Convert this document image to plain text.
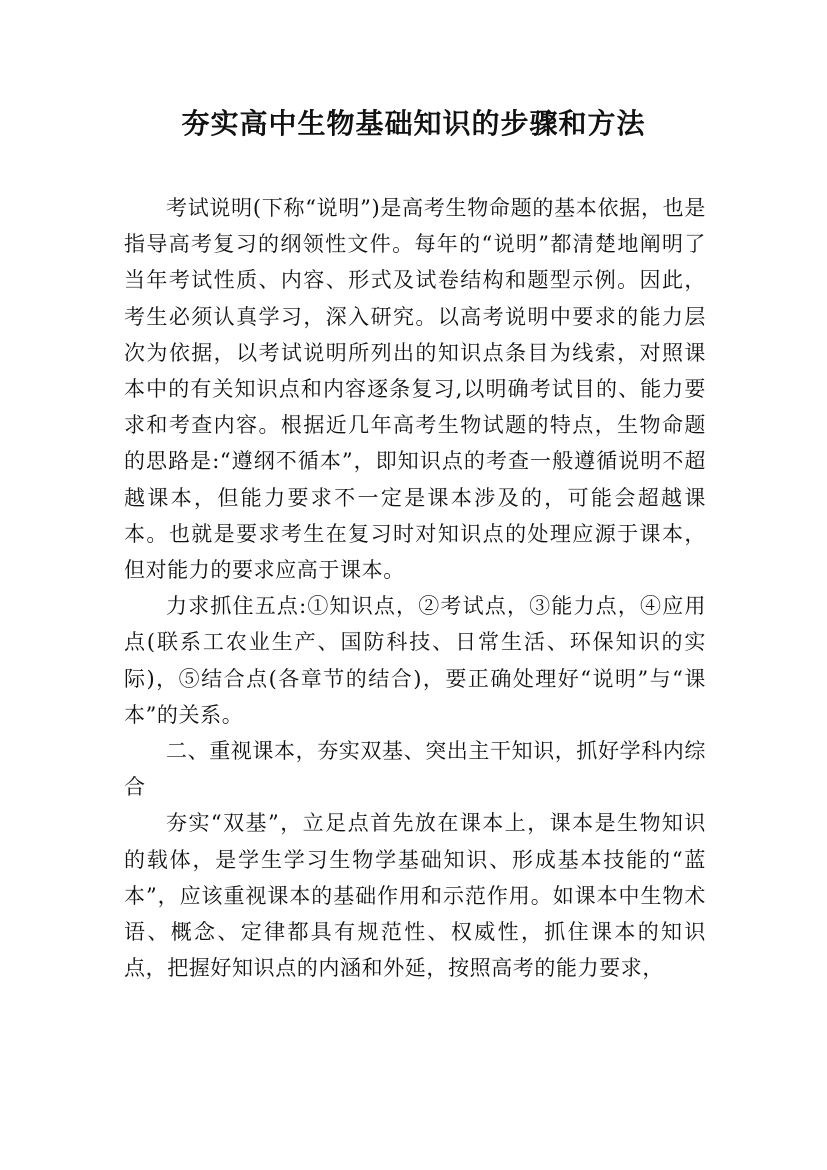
夯实高中生物基础知识的步骤和方法

考试说明(下称“说明”)是高考生物命题的基本依据，也是指导高考复习的纲领性文件。每年的“说明”都清楚地阐明了当年考试性质、内容、形式及试卷结构和题型示例。因此，考生必须认真学习，深入研究。以高考说明中要求的能力层次为依据，以考试说明所列出的知识点条目为线索，对照课本中的有关知识点和内容逐条复习,以明确考试目的、能力要求和考查内容。根据近几年高考生物试题的特点，生物命题的思路是:“遵纲不循本”，即知识点的考查一般遵循说明不超越课本，但能力要求不一定是课本涉及的，可能会超越课本。也就是要求考生在复习时对知识点的处理应源于课本，但对能力的要求应高于课本。

力求抓住五点:①知识点，②考试点，③能力点，④应用点(联系工农业生产、国防科技、日常生活、环保知识的实际)，⑤结合点(各章节的结合)，要正确处理好“说明”与“课本”的关系。

二、重视课本，夯实双基、突出主干知识，抓好学科内综合

夯实“双基”，立足点首先放在课本上，课本是生物知识的载体，是学生学习生物学基础知识、形成基本技能的“蓝本”，应该重视课本的基础作用和示范作用。如课本中生物术语、概念、定律都具有规范性、权威性，抓住课本的知识点，把握好知识点的内涵和外延，按照高考的能力要求，
